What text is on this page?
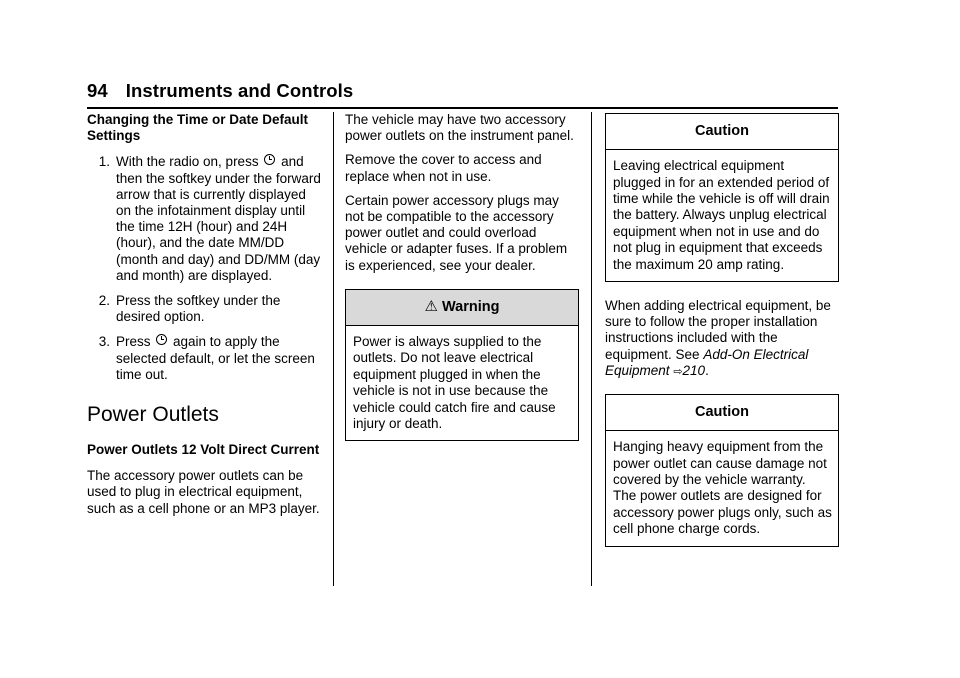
94 Instruments and Controls
Changing the Time or Date Default Settings
1. With the radio on, press  and then the softkey under the forward arrow that is currently displayed on the infotainment display until the time 12H (hour) and 24H (hour), and the date MM/DD (month and day) and DD/MM (day and month) are displayed.
2. Press the softkey under the desired option.
3. Press  again to apply the selected default, or let the screen time out.
Power Outlets
Power Outlets 12 Volt Direct Current

The accessory power outlets can be used to plug in electrical equipment, such as a cell phone or an MP3 player.

The vehicle may have two accessory power outlets on the instrument panel.

Remove the cover to access and replace when not in use.

Certain power accessory plugs may not be compatible to the accessory power outlet and could overload vehicle or adapter fuses. If a problem is experienced, see your dealer.

⚠ Warning
Power is always supplied to the outlets. Do not leave electrical equipment plugged in when the vehicle is not in use because the vehicle could catch fire and cause injury or death.
Caution
Leaving electrical equipment plugged in for an extended period of time while the vehicle is off will drain the battery. Always unplug electrical equipment when not in use and do not plug in equipment that exceeds the maximum 20 amp rating.

When adding electrical equipment, be sure to follow the proper installation instructions included with the equipment. See Add-On Electrical Equipment ⇨210.

Caution
Hanging heavy equipment from the power outlet can cause damage not covered by the vehicle warranty. The power outlets are designed for accessory power plugs only, such as cell phone charge cords.
